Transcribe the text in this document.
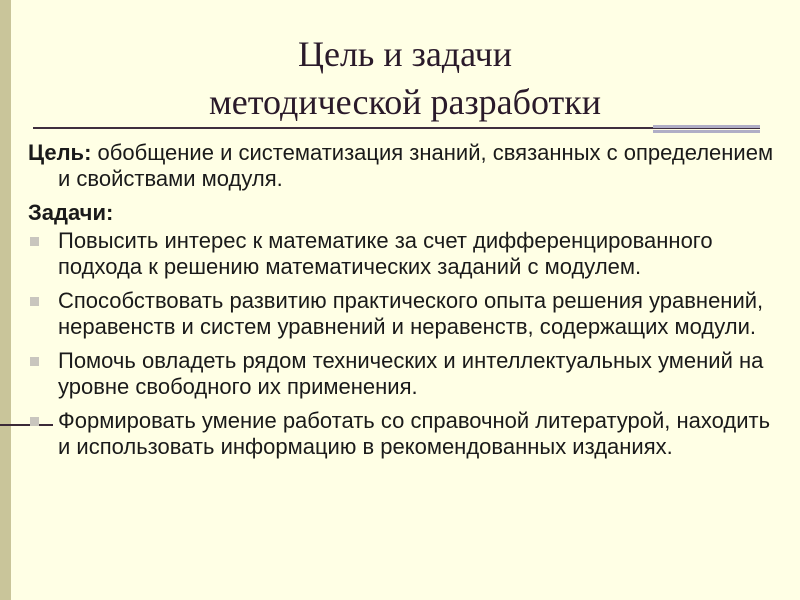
Цель и задачи
методической разработки

Цель: обобщение и систематизация знаний, связанных с определением и свойствами модуля.

Задачи:

Повысить интерес к математике за счет дифференцированного подхода к решению математических заданий с модулем.
Способствовать развитию практического опыта решения уравнений, неравенств и систем уравнений и неравенств, содержащих модули.
Помочь овладеть рядом технических и интеллектуальных умений на уровне свободного их применения.
Формировать умение работать со справочной литературой, находить и использовать информацию в рекомендованных изданиях.
